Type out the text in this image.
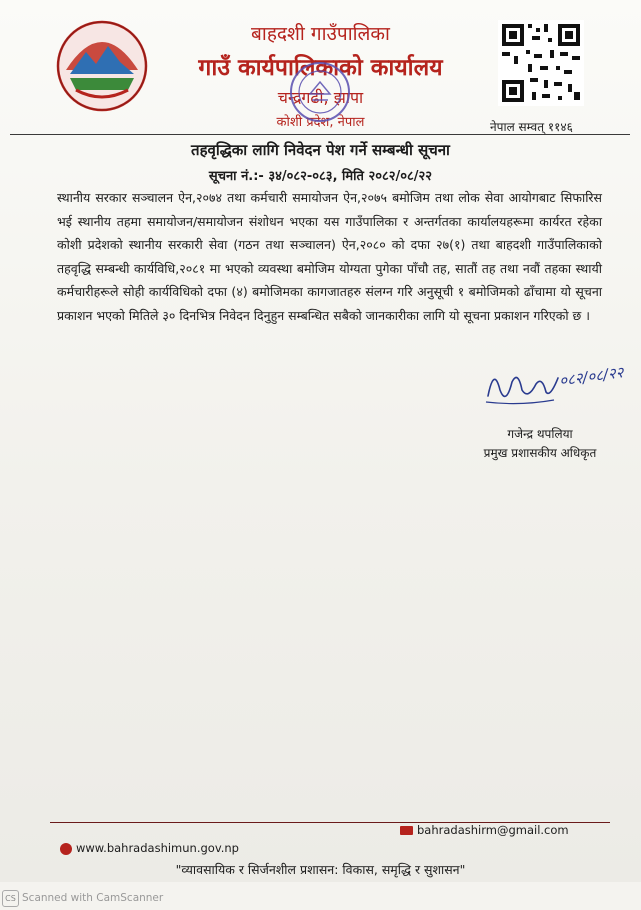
बाहदशी गाउँपालिका
गाउँ कार्यपालिकाको कार्यालय
चन्द्रगढी, झापा
कोशी प्रदेश, नेपाल	नेपाल सम्वत् ११४६
तहवृद्धिका लागि निवेदन पेश गर्ने सम्बन्धी सूचना
सूचना नं.:- ३४/०८२-०८३, मिति २०८२/०८/२२
स्थानीय सरकार सञ्चालन ऐन,२०७४ तथा कर्मचारी समायोजन ऐन,२०७५ बमोजिम तथा लोक सेवा आयोगबाट सिफारिस भई स्थानीय तहमा समायोजन/समायोजन संशोधन भएका यस गाउँपालिका र अन्तर्गतका कार्यालयहरूमा कार्यरत रहेका कोशी प्रदेशको स्थानीय सरकारी सेवा (गठन तथा सञ्चालन) ऐन,२०८० को दफा २७(१) तथा बाहदशी गाउँपालिकाको तहवृद्धि सम्बन्धी कार्यविधि,२०८१ मा भएको व्यवस्था बमोजिम योग्यता पुगेका पाँचौ तह, सातौं तह तथा नवौं तहका स्थायी कर्मचारीहरूले सोही कार्यविधिको दफा (४) बमोजिमका कागजातहरु संलग्न गरि अनुसूची १ बमोजिमको ढाँचामा यो सूचना प्रकाशन भएको मितिले ३० दिनभित्र निवेदन दिनुहुन सम्बन्धित सबैको जानकारीका लागि यो सूचना प्रकाशन गरिएको छ ।
०८२/०८/२२
गजेन्द्र थपलिया
प्रमुख प्रशासकीय अधिकृत
bahradashirm@gmail.com
www.bahradashimun.gov.np
"व्यावसायिक र सिर्जनशील प्रशासन: विकास, समृद्धि र सुशासन"
CS Scanned with CamScanner
